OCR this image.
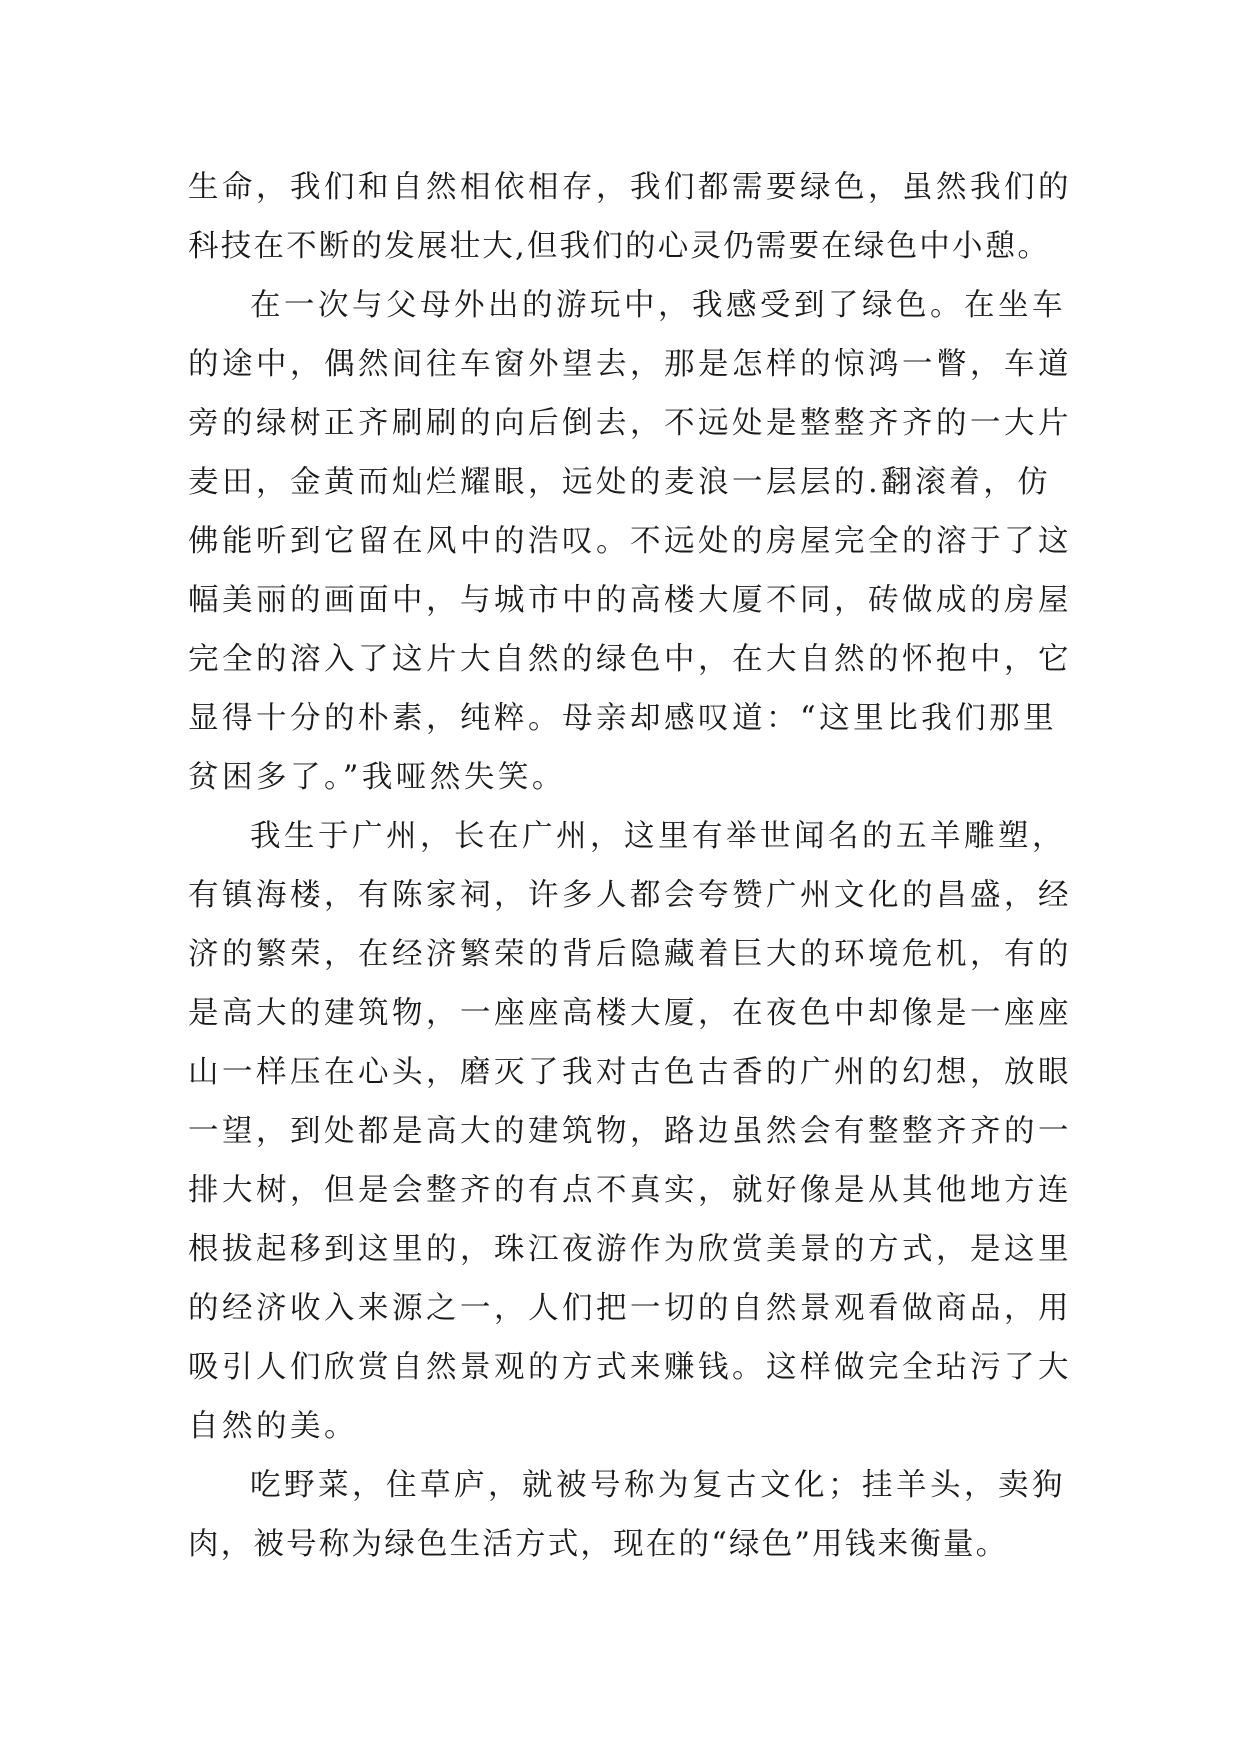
生命，我们和自然相依相存，我们都需要绿色，虽然我们的
科技在不断的发展壮大,但我们的心灵仍需要在绿色中小憩。
在一次与父母外出的游玩中，我感受到了绿色。在坐车
的途中，偶然间往车窗外望去，那是怎样的惊鸿一瞥，车道
旁的绿树正齐刷刷的向后倒去，不远处是整整齐齐的一大片
麦田，金黄而灿烂耀眼，远处的麦浪一层层的.翻滚着，仿
佛能听到它留在风中的浩叹。不远处的房屋完全的溶于了这
幅美丽的画面中，与城市中的高楼大厦不同，砖做成的房屋
完全的溶入了这片大自然的绿色中，在大自然的怀抱中，它
显得十分的朴素，纯粹。母亲却感叹道：“这里比我们那里
贫困多了。”我哑然失笑。
我生于广州，长在广州，这里有举世闻名的五羊雕塑，
有镇海楼，有陈家祠，许多人都会夸赞广州文化的昌盛，经
济的繁荣，在经济繁荣的背后隐藏着巨大的环境危机，有的
是高大的建筑物，一座座高楼大厦，在夜色中却像是一座座
山一样压在心头，磨灭了我对古色古香的广州的幻想，放眼
一望，到处都是高大的建筑物，路边虽然会有整整齐齐的一
排大树，但是会整齐的有点不真实，就好像是从其他地方连
根拔起移到这里的，珠江夜游作为欣赏美景的方式，是这里
的经济收入来源之一，人们把一切的自然景观看做商品，用
吸引人们欣赏自然景观的方式来赚钱。这样做完全玷污了大
自然的美。
吃野菜，住草庐，就被号称为复古文化；挂羊头，卖狗
肉，被号称为绿色生活方式，现在的“绿色”用钱来衡量。
